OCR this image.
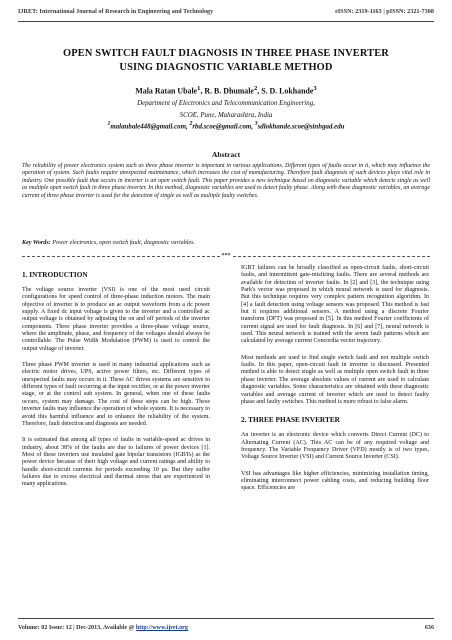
IJRET: International Journal of Research in Engineering and Technology	eISSN: 2319-1163 | pISSN: 2321-7308
OPEN SWITCH FAULT DIAGNOSIS IN THREE PHASE INVERTER
USING DIAGNOSTIC VARIABLE METHOD
Mala Ratan Ubale$^1$, R. B. Dhumale$^2$, S. D. Lokhande$^3$
Department of Electronics and Telecommunication Engineering,
SCOE, Pune, Maharashtra, India
$^1$malaubale448@gmail.com, $^2$rbd.scoe@gmail.com, $^3$sdlokhande.scoe@sinhgad.edu
Abstract

The reliability of power electronics system such as three phase inverter is important in various applications. Different types of faults occur in it, which may influence the operation of system. Such faults require unexpected maintenance, which increases the cost of manufacturing. Therefore fault diagnosis of such devices plays vital role in industry. One possible fault that occurs in inverter is an open switch fault. This paper provides a new technique based on diagnostic variable which detects single as well as multiple open switch fault in three phase inverter. In this method, diagnostic variables are used to detect faulty phase. Along with these diagnostic variables, an average current of three phase inverter is used for the detection of single as well as multiple faulty switches.

Key Words: Power electronics, open switch fault, diagnostic variables.

***
1. INTRODUCTION

The voltage source inverter (VSI) is one of the most used circuit configurations for speed control of three-phase induction motors. The main objective of inverter is to produce an ac output waveform from a dc power supply. A fixed dc input voltage is given to the inverter and a controlled ac output voltage is obtained by adjusting the on and off periods of the inverter components. Three phase inverter provides a three-phase voltage source, where the amplitude, phase, and frequency of the voltages should always be controllable. The Pulse Width Modulation (PWM) is used to control the output voltage of inverter.

Three phase PWM inverter is used in many industrial applications such as electric motor drives, UPS, active power filters, etc. Different types of unexpected faults may occurs in it. These AC drives systems are sensitive to different types of fault occurring at the input rectifier, or at the power inverter stage, or at the control sub system. In general, when one of these faults occurs, system may damage. The cost of these steps can be high. These inverter faults may influence the operation of whole system. It is necessary to avoid this harmful influence and to enhance the reliability of the system. Therefore, fault detection and diagnosis are needed.

It is estimated that among all types of faults in variable-speed ac drives in industry, about 38% of the faults are due to failures of power devices [1]. Most of these inverters use insulated gate bipolar transistors (IGBTs) as the power device because of their high voltage and current ratings and ability to handle short-circuit currents for periods exceeding 10 µs. But they suffer failures due to excess electrical and thermal stress that are experienced in many applications.

IGBT failures can be broadly classified as open-circuit faults, short-circuit faults, and intermittent gate-misfiring faults. There are several methods are available for detection of inverter faults. In [2] and [3], the technique using Park's vector was proposed in which neural network is used for diagnosis. But this technique requires very complex pattern recognition algorithm. In [4] a fault detection using voltage sensors was proposed. This method is fast but it requires additional sensors. A method using a discrete Fourier transform (DFT) was proposed in [5]. In this method Fourier coefficients of current signal are used for fault diagnosis. In [6] and [7], neural network is used. This neural network is trained with the seven fault patterns which are calculated by average current Concordia vector trajectory.

Most methods are used to find single switch fault and not multiple switch faults. In this paper, open-circuit fault in inverter is discussed. Presented method is able to detect single as well as multiple open switch fault in three phase inverter. The average absolute values of current are used to calculate diagnostic variables. Some characteristics are obtained with these diagnostic variables and average current of inverter which are used to detect faulty phase and faulty switches. This method is more robust to false alarm.

2. THREE PHASE INVERTER

An inverter is an electronic device which converts Direct Current (DC) to Alternating Current (AC). This AC can be of any required voltage and frequency. The Variable Frequency Driver (VFD) mostly is of two types, Voltage Source Inverter (VSI) and Current Source Inverter (CSI).

VSI has advantages like higher efficiencies, minimizing installation timing, eliminating interconnect power cabling costs, and reducing building floor space. Efficiencies are

Volume: 02 Issue: 12 | Dec-2013, Available @ http://www.ijret.org	636
